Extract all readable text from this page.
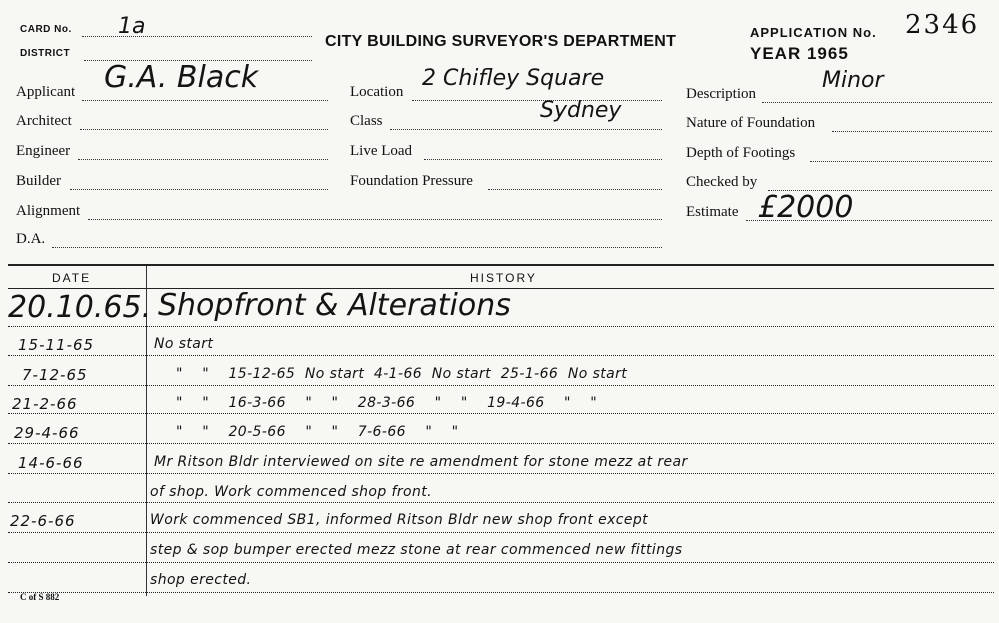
CARD No. 1a
DISTRICT
CITY BUILDING SURVEYOR'S DEPARTMENT
APPLICATION No. 2346
YEAR 1965
Applicant G.A. Black
Architect
Engineer
Builder
Alignment
D.A.
Location
2 Chifley Square
Sydney
Class
Live Load
Foundation Pressure
Description
Minor
Nature of Foundation
Depth of Footings
Checked by
Estimate £2000
DATE	HISTORY
20.10.65. Shopfront & Alterations
15-11-65	No start
7-12-65	"    "    15-12-65  No start  4-1-66  No start  25-1-66  No start
21-2-66	"    "    16-3-66    "    "    28-3-66    "    "    19-4-66    "    "
29-4-66	"    "    20-5-66    "    "    7-6-66    "    "
14-6-66	Mr Ritson Bldr interviewed on site re amendment for stone mezz at rear
of shop. Work commenced shop front.
22-6-66	Work commenced SB1, informed Ritson Bldr new shop front except
step & sop bumper erected mezz stone at rear commenced new fittings
shop erected.
C of S 882
